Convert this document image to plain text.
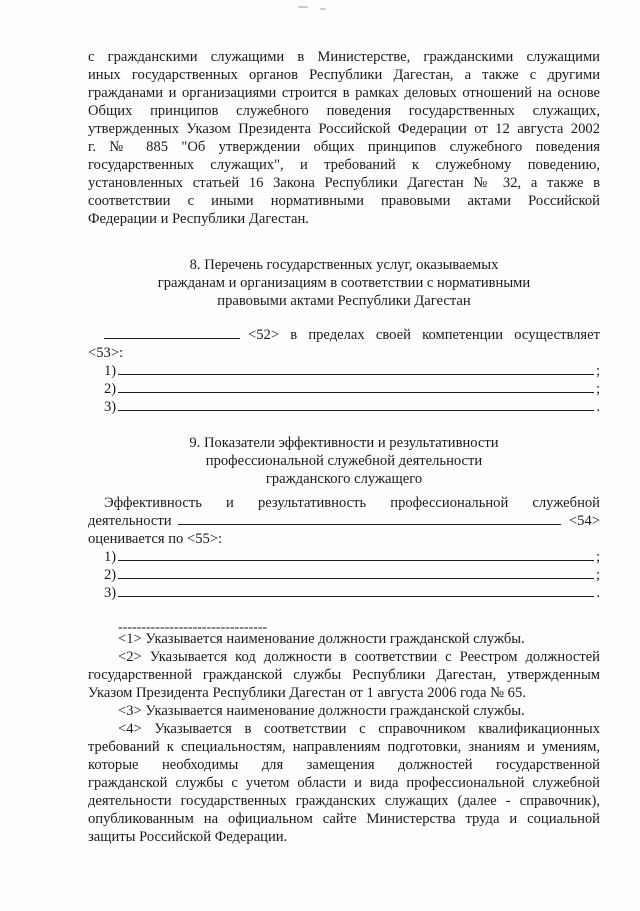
с гражданскими служащими в Министерстве, гражданскими служащими
иных государственных органов Республики Дагестан, а также с другими
гражданами и организациями строится в рамках деловых отношений на основе
Общих принципов служебного поведения государственных служащих,
утвержденных Указом Президента Российской Федерации от 12 августа 2002
г. № 885 "Об утверждении общих принципов служебного поведения
государственных служащих", и требований к служебному поведению,
установленных статьей 16 Закона Республики Дагестан № 32, а также в
соответствии с иными нормативными правовыми актами Российской
Федерации и Республики Дагестан.
8. Перечень государственных услуг, оказываемых
гражданам и организациям в соответствии с нормативными
правовыми актами Республики Дагестан
<52> в пределах своей компетенции осуществляет
<53>:
1)	;
2)	;
3)	.
9. Показатели эффективности и результативности
профессиональной служебной деятельности
гражданского служащего
Эффективность и результативность профессиональной служебной
деятельности	<54>
оценивается по <55>:
1)	;
2)	;
3)	.
--------------------------------
<1> Указывается наименование должности гражданской службы.
<2> Указывается код должности в соответствии с Реестром должностей
государственной гражданской службы Республики Дагестан, утвержденным
Указом Президента Республики Дагестан от 1 августа 2006 года № 65.
<3> Указывается наименование должности гражданской службы.
<4> Указывается в соответствии с справочником квалификационных
требований к специальностям, направлениям подготовки, знаниям и умениям,
которые необходимы для замещения должностей государственной
гражданской службы с учетом области и вида профессиональной служебной
деятельности государственных гражданских служащих (далее - справочник),
опубликованным на официальном сайте Министерства труда и социальной
защиты Российской Федерации.
